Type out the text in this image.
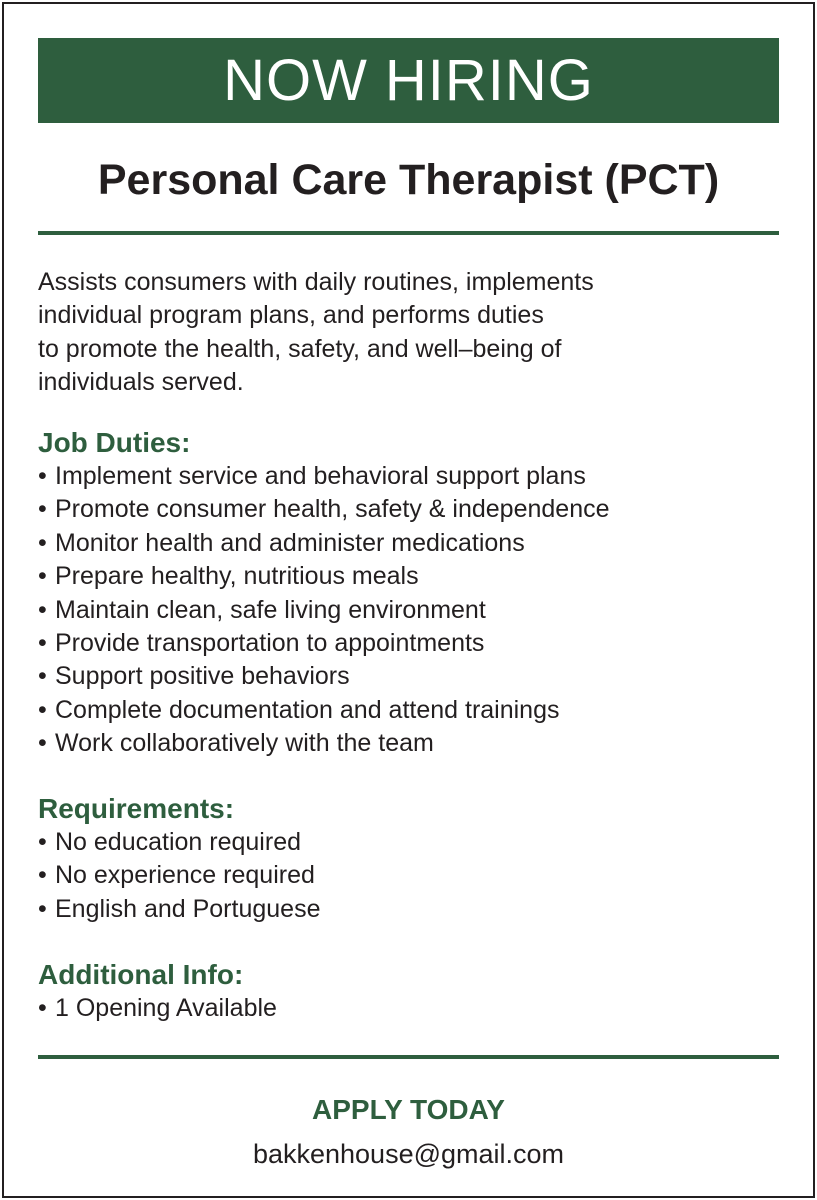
NOW HIRING
Personal Care Therapist (PCT)

Assists consumers with daily routines, implements

individual program plans, and performs duties

to promote the health, safety, and well–being of

individuals served.

Job Duties:
• Implement service and behavioral support plans
• Promote consumer health, safety & independence
• Monitor health and administer medications
• Prepare healthy, nutritious meals
• Maintain clean, safe living environment
• Provide transportation to appointments
• Support positive behaviors
• Complete documentation and attend trainings
• Work collaboratively with the team
Requirements:
• No education required
• No experience required
• English and Portuguese
Additional Info:
• 1 Opening Available
APPLY TODAY
bakkenhouse@gmail.com
